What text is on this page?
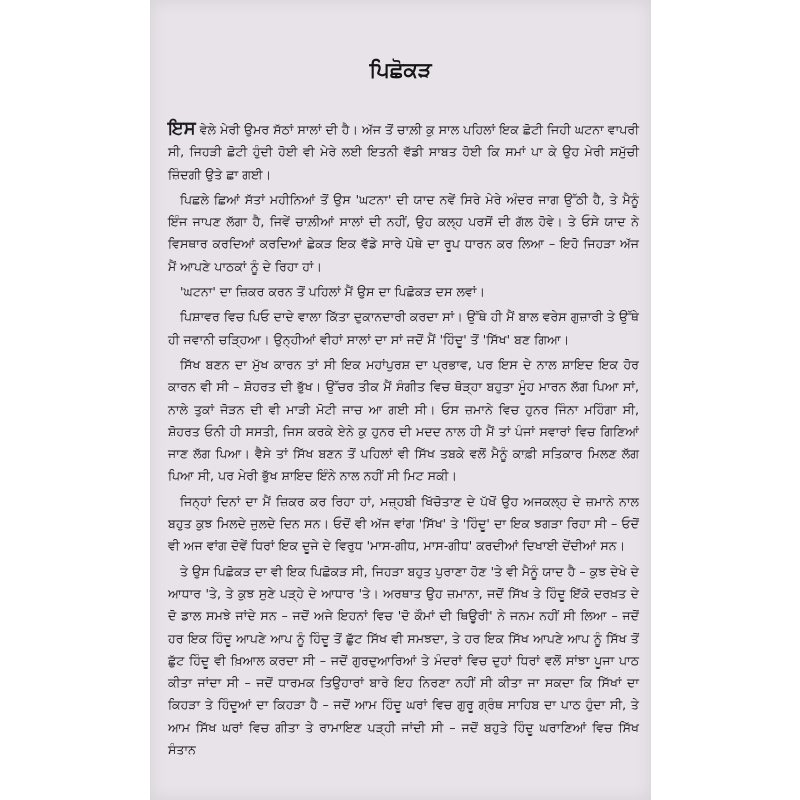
ਪਿਛੋਕੜ

ਇਸ ਵੇਲੇ ਮੇਰੀ ਉਮਰ ਸੱਠਾਂ ਸਾਲਾਂ ਦੀ ਹੈ। ਅੱਜ ਤੋਂ ਚਾਲ਼ੀ ਕੁ ਸਾਲ ਪਹਿਲਾਂ ਇਕ ਛੋਟੀ ਜਿਹੀ ਘਟਨਾ ਵਾਪਰੀ ਸੀ, ਜਿਹੜੀ ਛੋਟੀ ਹੁੰਦੀ ਹੋਈ ਵੀ ਮੇਰੇ ਲਈ ਇਤਨੀ ਵੱਡੀ ਸਾਬਤ ਹੋਈ ਕਿ ਸਮਾਂ ਪਾ ਕੇ ਉਹ ਮੇਰੀ ਸਮੁੱਚੀ ਜ਼ਿੰਦਗੀ ਉਤੇ ਛਾ ਗਈ।

ਪਿਛਲੇ ਛਿਆਂ ਸੱਤਾਂ ਮਹੀਨਿਆਂ ਤੋਂ ਉਸ 'ਘਟਨਾ' ਦੀ ਯਾਦ ਨਵੇਂ ਸਿਰੇ ਮੇਰੇ ਅੰਦਰ ਜਾਗ ਉੱਠੀ ਹੈ, ਤੇ ਮੈਨੂੰ ਇੰਜ ਜਾਪਣ ਲੱਗਾ ਹੈ, ਜਿਵੇਂ ਚਾਲ਼ੀਆਂ ਸਾਲਾਂ ਦੀ ਨਹੀਂ, ਉਹ ਕਲ੍ਹ ਪਰਸੋਂ ਦੀ ਗੱਲ ਹੋਵੇ। ਤੇ ਓਸੇ ਯਾਦ ਨੇ ਵਿਸਥਾਰ ਕਰਦਿਆਂ ਕਰਦਿਆਂ ਛੇਕੜ ਇਕ ਵੱਡੇ ਸਾਰੇ ਪੋਥੇ ਦਾ ਰੂਪ ਧਾਰਨ ਕਰ ਲਿਆ – ਇਹੋ ਜਿਹੜਾ ਅੱਜ ਮੈਂ ਆਪਣੇ ਪਾਠਕਾਂ ਨੂੰ ਦੇ ਰਿਹਾ ਹਾਂ।

'ਘਟਨਾ' ਦਾ ਜ਼ਿਕਰ ਕਰਨ ਤੋਂ ਪਹਿਲਾਂ ਮੈਂ ਉਸ ਦਾ ਪਿਛੋਕੜ ਦਸ ਲਵਾਂ।

ਪਿਸ਼ਾਵਰ ਵਿਚ ਪਿਓ ਦਾਦੇ ਵਾਲਾ ਕਿੱਤਾ ਦੁਕਾਨਦਾਰੀ ਕਰਦਾ ਸਾਂ। ਉੱਥੇ ਹੀ ਮੈਂ ਬਾਲ ਵਰੇਸ ਗੁਜ਼ਾਰੀ ਤੇ ਉੱਥੇ ਹੀ ਜਵਾਨੀ ਚੜ੍ਹਿਆ। ਉਨ੍ਹੀਆਂ ਵੀਹਾਂ ਸਾਲਾਂ ਦਾ ਸਾਂ ਜਦੋਂ ਮੈਂ 'ਹਿੰਦੂ' ਤੋਂ 'ਸਿੱਖ' ਬਣ ਗਿਆ।

ਸਿੱਖ ਬਣਨ ਦਾ ਮੁੱਖ ਕਾਰਨ ਤਾਂ ਸੀ ਇਕ ਮਹਾਂਪੁਰਸ਼ ਦਾ ਪ੍ਰਭਾਵ, ਪਰ ਇਸ ਦੇ ਨਾਲ ਸ਼ਾਇਦ ਇਕ ਹੋਰ ਕਾਰਨ ਵੀ ਸੀ – ਸ਼ੋਹਰਤ ਦੀ ਭੁੱਖ। ਉੱਚਰ ਤੀਕ ਮੈਂ ਸੰਗੀਤ ਵਿਚ ਥੋੜ੍ਹਾ ਬਹੁਤਾ ਮੂੰਹ ਮਾਰਨ ਲੱਗ ਪਿਆ ਸਾਂ, ਨਾਲੇ ਤੁਕਾਂ ਜੋੜਨ ਦੀ ਵੀ ਮਾੜੀ ਮੋਟੀ ਜਾਚ ਆ ਗਈ ਸੀ। ਓਸ ਜ਼ਮਾਨੇ ਵਿਚ ਹੁਨਰ ਜਿੰਨਾ ਮਹਿੰਗਾ ਸੀ, ਸ਼ੋਹਰਤ ਓਨੀ ਹੀ ਸਸਤੀ, ਜਿਸ ਕਰਕੇ ਏਨੇ ਕੁ ਹੁਨਰ ਦੀ ਮਦਦ ਨਾਲ ਹੀ ਮੈਂ ਤਾਂ ਪੰਜਾਂ ਸਵਾਰਾਂ ਵਿਚ ਗਿਣਿਆਂ ਜਾਣ ਲੱਗ ਪਿਆ। ਵੈਸੇ ਤਾਂ ਸਿੱਖ ਬਣਨ ਤੋਂ ਪਹਿਲਾਂ ਵੀ ਸਿੱਖ ਤਬਕੇ ਵਲੋਂ ਮੈਨੂੰ ਕਾਫ਼ੀ ਸਤਿਕਾਰ ਮਿਲਣ ਲੱਗ ਪਿਆ ਸੀ, ਪਰ ਮੇਰੀ ਭੁੱਖ ਸ਼ਾਇਦ ਇੰਨੇ ਨਾਲ ਨਹੀਂ ਸੀ ਮਿਟ ਸਕੀ।

ਜਿਨ੍ਹਾਂ ਦਿਨਾਂ ਦਾ ਮੈਂ ਜ਼ਿਕਰ ਕਰ ਰਿਹਾ ਹਾਂ, ਮਜ਼੍ਹਬੀ ਖਿੱਚੋਤਾਣ ਦੇ ਪੱਖੋਂ ਉਹ ਅਜਕਲ੍ਹ ਦੇ ਜ਼ਮਾਨੇ ਨਾਲ ਬਹੁਤ ਕੁਝ ਮਿਲਦੇ ਜੁਲਦੇ ਦਿਨ ਸਨ। ਓਦੋਂ ਵੀ ਅੱਜ ਵਾਂਗ 'ਸਿੱਖ' ਤੇ 'ਹਿੰਦੂ' ਦਾ ਇਕ ਝਗੜਾ ਰਿਹਾ ਸੀ – ਓਦੋਂ ਵੀ ਅਜ ਵਾਂਗ ਦੋਵੇਂ ਧਿਰਾਂ ਇਕ ਦੂਜੇ ਦੇ ਵਿਰੁਧ 'ਮਾਸ-ਗੀਧ, ਮਾਸ-ਗੀਧ' ਕਰਦੀਆਂ ਦਿਖਾਈ ਦੇਂਦੀਆਂ ਸਨ।

ਤੇ ਉਸ ਪਿਛੋਕੜ ਦਾ ਵੀ ਇਕ ਪਿਛੋਕੜ ਸੀ, ਜਿਹੜਾ ਬਹੁਤ ਪੁਰਾਣਾ ਹੋਣ 'ਤੇ ਵੀ ਮੈਨੂੰ ਯਾਦ ਹੈ – ਕੁਝ ਦੇਖੇ ਦੇ ਆਧਾਰ 'ਤੇ, ਤੇ ਕੁਝ ਸੁਣੇ ਪੜ੍ਹੇ ਦੇ ਆਧਾਰ 'ਤੇ। ਅਰਥਾਤ ਉਹ ਜ਼ਮਾਨਾ, ਜਦੋਂ ਸਿੱਖ ਤੇ ਹਿੰਦੂ ਇੱਕੋ ਦਰਖ਼ਤ ਦੇ ਦੋ ਡਾਲ ਸਮਝੇ ਜਾਂਦੇ ਸਨ – ਜਦੋਂ ਅਜੇ ਇਹਨਾਂ ਵਿਚ 'ਦੋ ਕੌਮਾਂ ਦੀ ਥਿਊਰੀ' ਨੇ ਜਨਮ ਨਹੀਂ ਸੀ ਲਿਆ – ਜਦੋਂ ਹਰ ਇਕ ਹਿੰਦੂ ਆਪਣੇ ਆਪ ਨੂੰ ਹਿੰਦੂ ਤੋਂ ਛੁੱਟ ਸਿੱਖ ਵੀ ਸਮਝਦਾ, ਤੇ ਹਰ ਇਕ ਸਿੱਖ ਆਪਣੇ ਆਪ ਨੂੰ ਸਿੱਖ ਤੋਂ ਛੁੱਟ ਹਿੰਦੂ ਵੀ ਖ਼ਿਆਲ ਕਰਦਾ ਸੀ – ਜਦੋਂ ਗੁਰਦੁਆਰਿਆਂ ਤੇ ਮੰਦਰਾਂ ਵਿਚ ਦੁਹਾਂ ਧਿਰਾਂ ਵਲੋਂ ਸਾਂਝਾ ਪੂਜਾ ਪਾਠ ਕੀਤਾ ਜਾਂਦਾ ਸੀ – ਜਦੋਂ ਧਾਰਮਕ ਤਿਉਹਾਰਾਂ ਬਾਰੇ ਇਹ ਨਿਰਣਾ ਨਹੀਂ ਸੀ ਕੀਤਾ ਜਾ ਸਕਦਾ ਕਿ ਸਿੱਖਾਂ ਦਾ ਕਿਹੜਾ ਤੇ ਹਿੰਦੂਆਂ ਦਾ ਕਿਹੜਾ ਹੈ – ਜਦੋਂ ਆਮ ਹਿੰਦੂ ਘਰਾਂ ਵਿਚ ਗੁਰੂ ਗ੍ਰੰਥ ਸਾਹਿਬ ਦਾ ਪਾਠ ਹੁੰਦਾ ਸੀ, ਤੇ ਆਮ ਸਿੱਖ ਘਰਾਂ ਵਿਚ ਗੀਤਾ ਤੇ ਰਾਮਾਇਣ ਪੜ੍ਹੀ ਜਾਂਦੀ ਸੀ – ਜਦੋਂ ਬਹੁਤੇ ਹਿੰਦੂ ਘਰਾਣਿਆਂ ਵਿਚ ਸਿੱਖ ਸੰਤਾਨ
